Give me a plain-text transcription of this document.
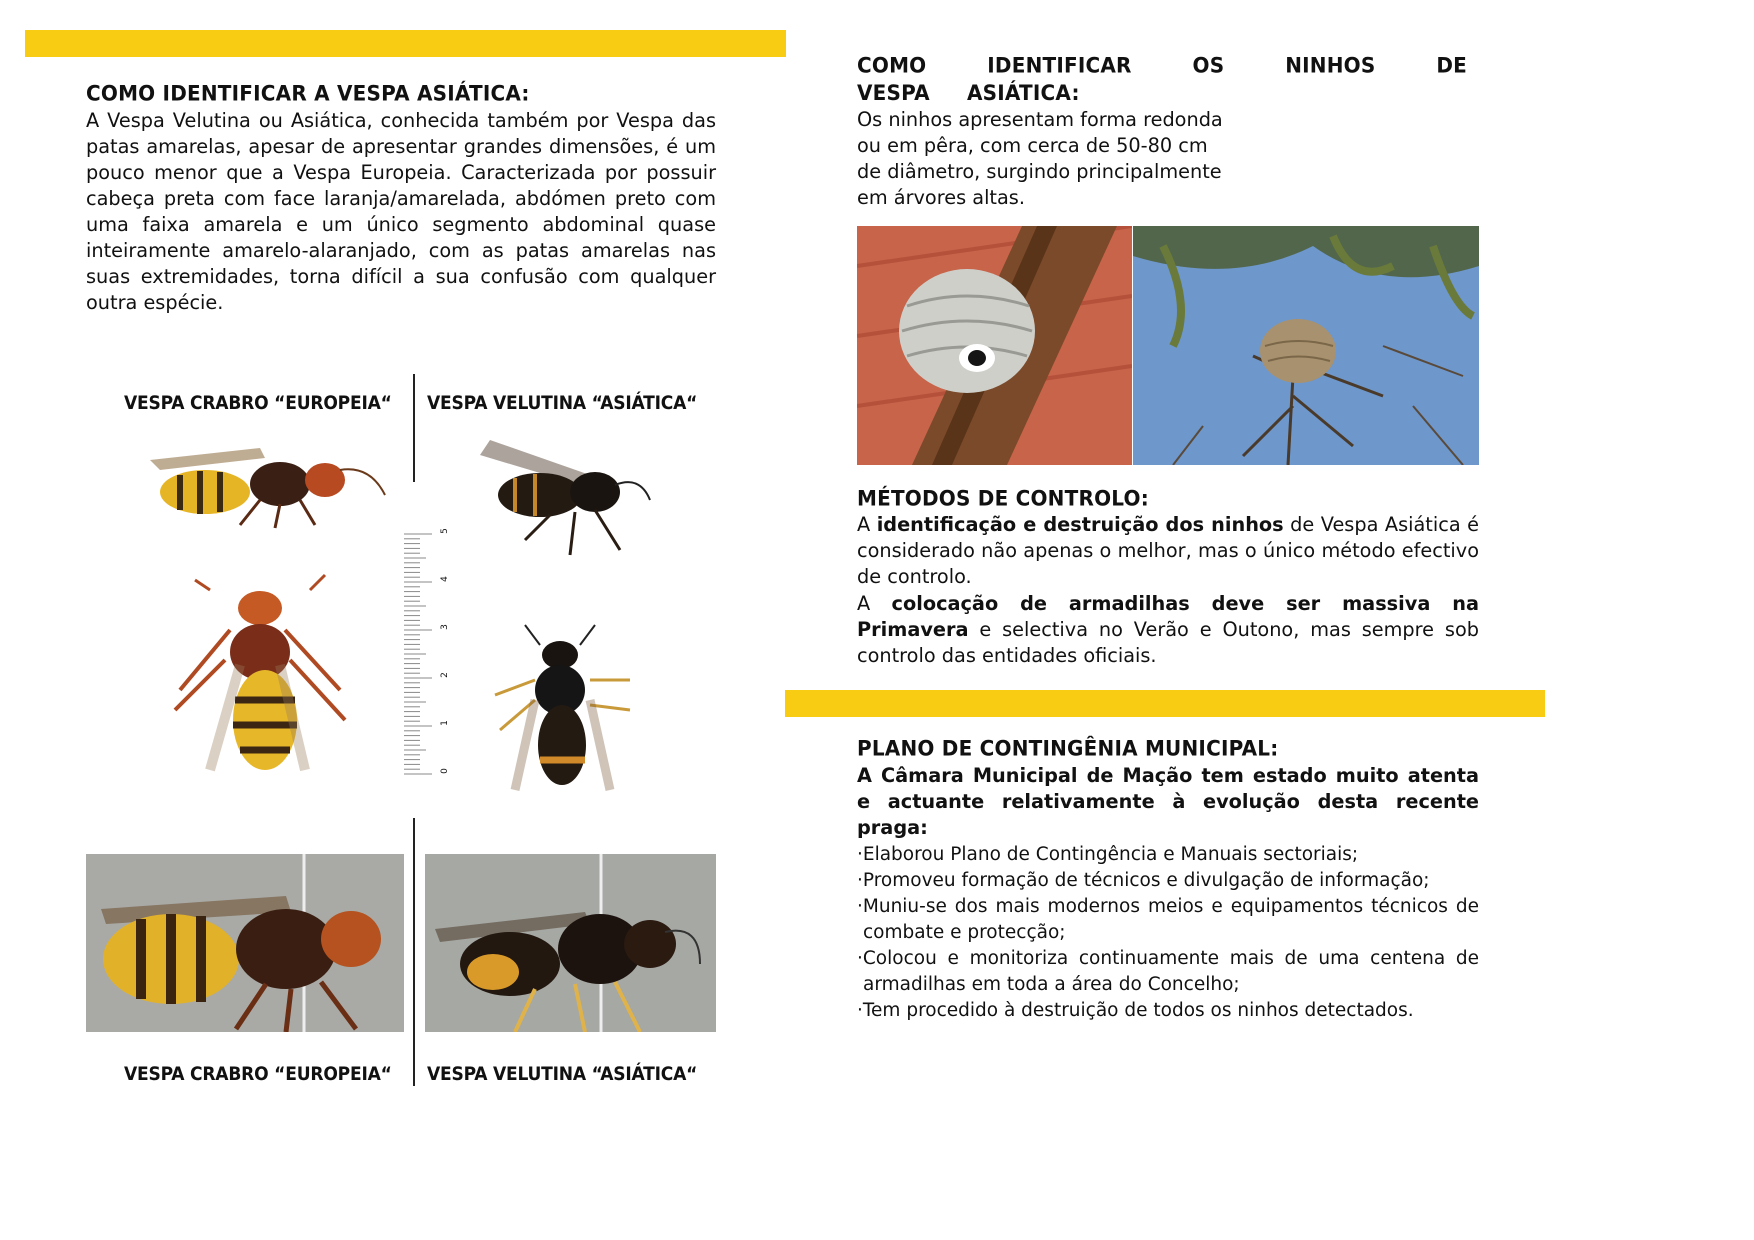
COMO IDENTIFICAR A VESPA ASIÁTICA:
A Vespa Velutina ou Asiática, conhecida também por Vespa das patas amarelas, apesar de apresentar grandes dimensões, é um pouco menor que a Vespa Europeia. Caracterizada por possuir cabeça preta com face laranja/amarelada, abdómen preto com uma faixa amarela e um único segmento abdominal quase inteiramente amarelo-alaranjado, com as patas amarelas nas suas extremidades, torna difícil a sua confusão com qualquer outra espécie.
VESPA CRABRO “EUROPEIA“ VESPA VELUTINA “ASIÁTICA“
0
1
2
3
4
5
VESPA CRABRO “EUROPEIA“ VESPA VELUTINA “ASIÁTICA“
COMO IDENTIFICAR OS NINHOS DE VESPA ASIÁTICA:
Os ninhos apresentam forma redonda
ou em pêra, com cerca de 50-80 cm
de diâmetro, surgindo principalmente
em árvores altas.
MÉTODOS DE CONTROLO:
A identificação e destruição dos ninhos de Vespa Asiática é considerado não apenas o melhor, mas o único método efectivo de controlo.
A colocação de armadilhas deve ser massiva na Primavera e selectiva no Verão e Outono, mas sempre sob controlo das entidades oficiais.
PLANO DE CONTINGÊNIA MUNICIPAL:
A Câmara Municipal de Mação tem estado muito atenta e actuante relativamente à evolução desta recente praga:
·Elaborou Plano de Contingência e Manuais sectoriais;
·Promoveu formação de técnicos e divulgação de informação;
·Muniu-se dos mais modernos meios e equipamentos técnicos de combate e protecção;
·Colocou e monitoriza continuamente mais de uma centena de armadilhas em toda a área do Concelho;
·Tem procedido à destruição de todos os ninhos detectados.
